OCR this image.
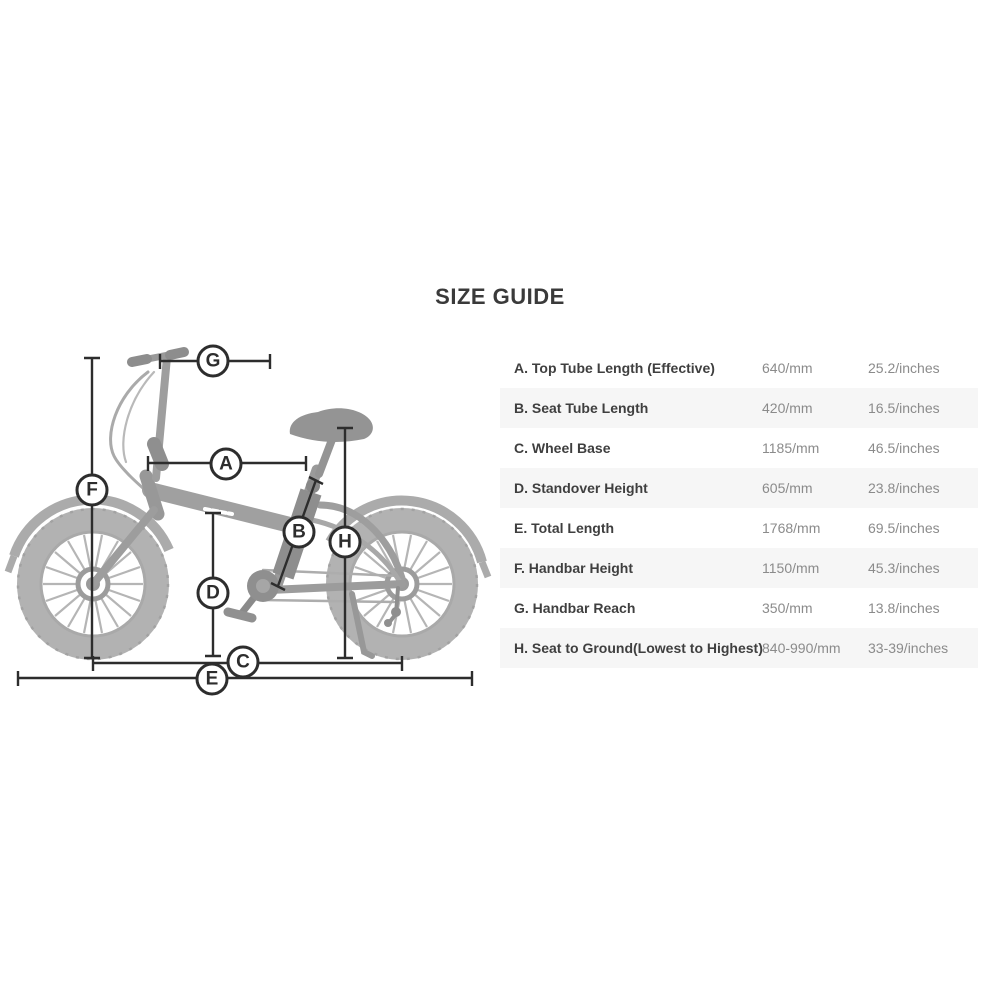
SIZE GUIDE
A
B
C
D
E
F
G
H
A. Top Tube Length (Effective)	640/mm	25.2/inches
B. Seat Tube Length	420/mm	16.5/inches
C. Wheel Base	1185/mm	46.5/inches
D. Standover Height	605/mm	23.8/inches
E. Total Length	1768/mm	69.5/inches
F. Handbar Height	1150/mm	45.3/inches
G. Handbar Reach	350/mm	13.8/inches
H. Seat to Ground(Lowest to Highest) 840-990/mm 33-39/inches
